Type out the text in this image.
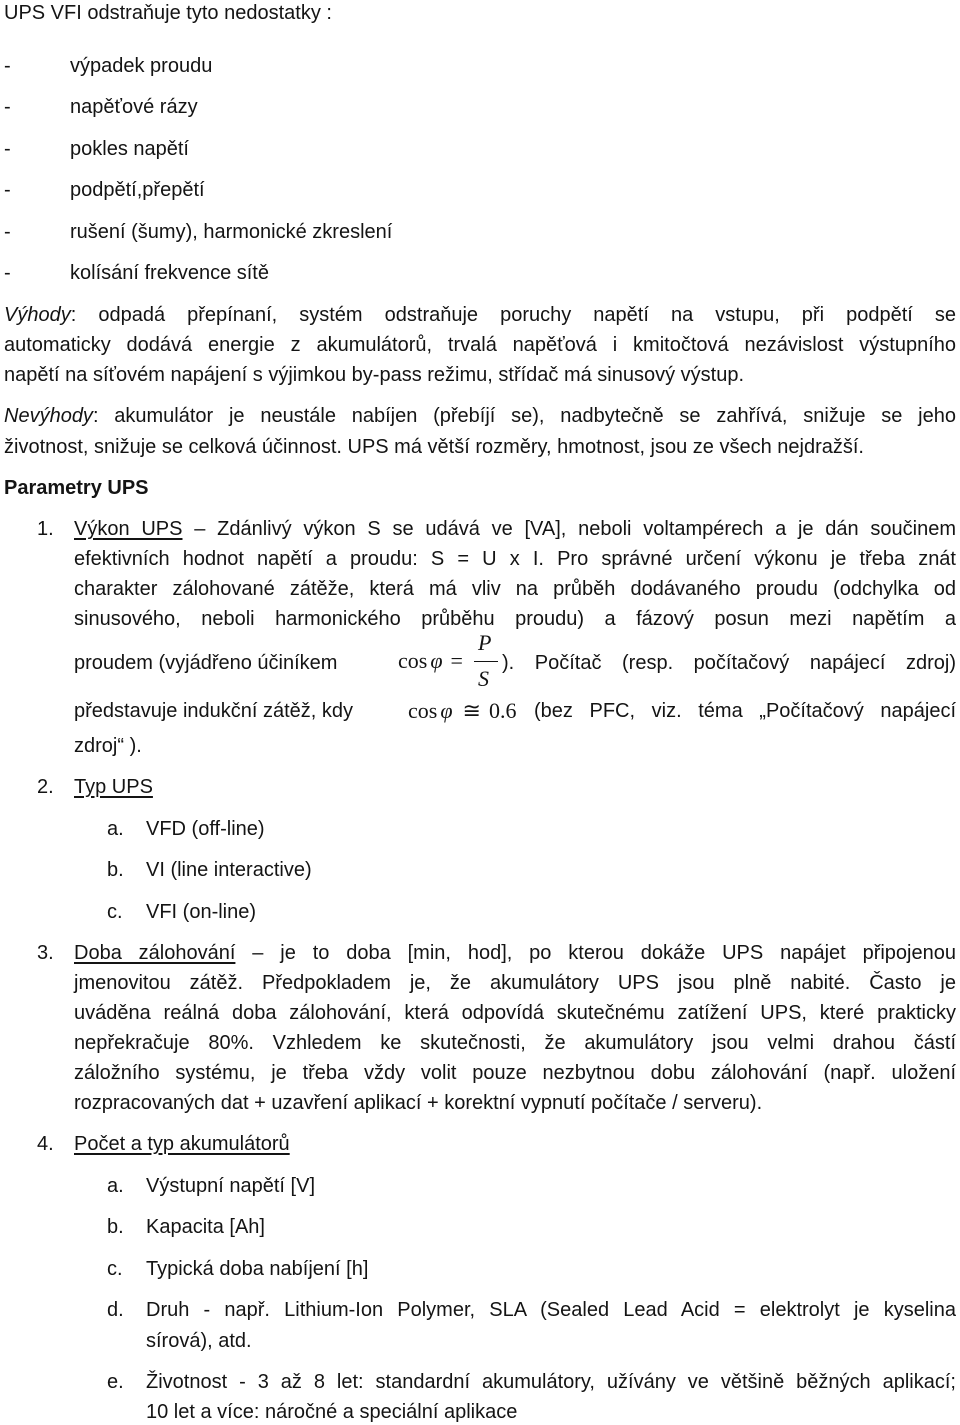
UPS VFI odstraňuje tyto nedostatky :
-	výpadek proudu
-	napěťové rázy
-	pokles napětí
-	podpětí,přepětí
-	rušení (šumy), harmonické zkreslení
-	kolísání frekvence sítě
Výhody: odpadá přepínaní, systém odstraňuje poruchy napětí na vstupu, při podpětí se
automaticky dodává energie z akumulátorů, trvalá napěťová i kmitočtová nezávislost výstupního
napětí na síťovém napájení s výjimkou by-pass režimu, střídač má sinusový výstup.
Nevýhody: akumulátor je neustále nabíjen (přebíjí se), nadbytečně se zahřívá, snižuje se jeho
životnost, snižuje se celková účinnost. UPS má větší rozměry, hmotnost, jsou ze všech nejdražší.
Parametry UPS
1. Výkon UPS – Zdánlivý výkon S se udává ve [VA], neboli voltampérech a je dán součinem
efektivních hodnot napětí a proudu: S = U x I. Pro správné určení výkonu je třeba znát
charakter zálohované zátěže, která má vliv na průběh dodávaného proudu (odchylka od
sinusového, neboli harmonického průběhu proudu) a fázový posun mezi napětím a
proudem (vyjádřeno účiníkem	cos φ =
P
S
). Počítač (resp. počítačový napájecí zdroj)
představuje indukční zátěž, kdy cos φ ≅ 0.6 (bez PFC, viz. téma „Počítačový napájecí
zdroj“ ).
2. Typ UPS
a. VFD (off-line)
b. VI (line interactive)
c. VFI (on-line)
3. Doba zálohování – je to doba [min, hod], po kterou dokáže UPS napájet připojenou
jmenovitou zátěž. Předpokladem je, že akumulátory UPS jsou plně nabité. Často je
uváděna reálná doba zálohování, která odpovídá skutečnému zatížení UPS, které prakticky
nepřekračuje 80%. Vzhledem ke skutečnosti, že akumulátory jsou velmi drahou částí
záložního systému, je třeba vždy volit pouze nezbytnou dobu zálohování (např. uložení
rozpracovaných dat + uzavření aplikací + korektní vypnutí počítače / serveru).
4. Počet a typ akumulátorů
a. Výstupní napětí [V]
b. Kapacita [Ah]
c. Typická doba nabíjení [h]
d. Druh - např. Lithium-Ion Polymer, SLA (Sealed Lead Acid = elektrolyt je kyselina
sírová), atd.
e. Životnost - 3 až 8 let: standardní akumulátory, užívány ve většině běžných aplikací;
10 let a více: náročné a speciální aplikace
